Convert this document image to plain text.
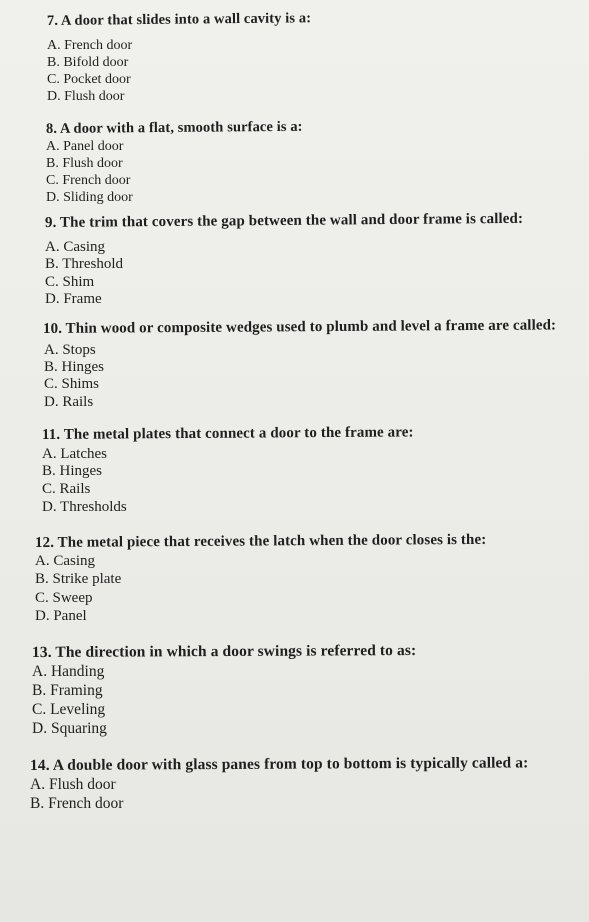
7. A door that slides into a wall cavity is a:
A. French door
B. Bifold door
C. Pocket door
D. Flush door
8. A door with a flat, smooth surface is a:
A. Panel door
B. Flush door
C. French door
D. Sliding door
9. The trim that covers the gap between the wall and door frame is called:
A. Casing
B. Threshold
C. Shim
D. Frame
10. Thin wood or composite wedges used to plumb and level a frame are called:
A. Stops
B. Hinges
C. Shims
D. Rails
11. The metal plates that connect a door to the frame are:
A. Latches
B. Hinges
C. Rails
D. Thresholds
12. The metal piece that receives the latch when the door closes is the:
A. Casing
B. Strike plate
C. Sweep
D. Panel
13. The direction in which a door swings is referred to as:
A. Handing
B. Framing
C. Leveling
D. Squaring
14. A double door with glass panes from top to bottom is typically called a:
A. Flush door
B. French door
